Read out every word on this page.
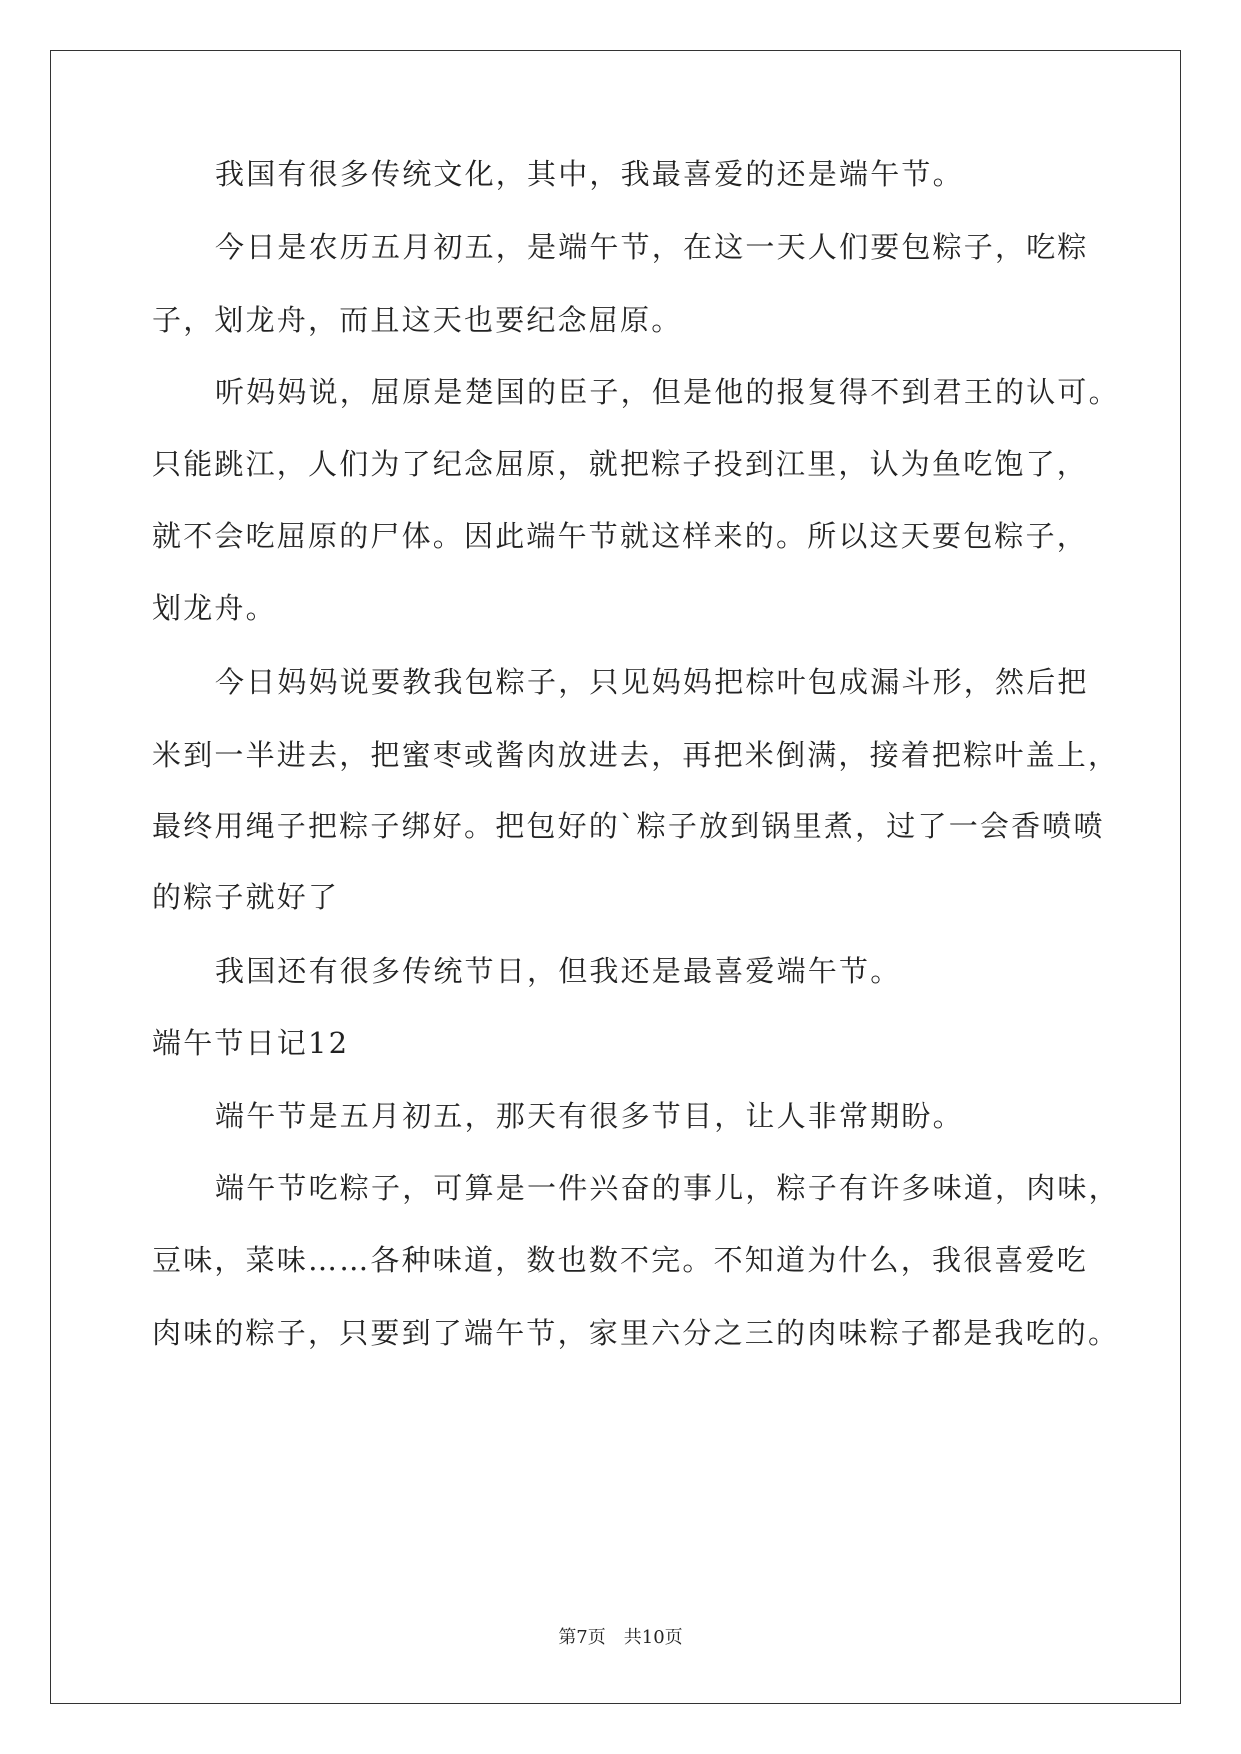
我国有很多传统文化，其中，我最喜爱的还是端午节。
今日是农历五月初五，是端午节，在这一天人们要包粽子，吃粽
子，划龙舟，而且这天也要纪念屈原。
听妈妈说，屈原是楚国的臣子，但是他的报复得不到君王的认可。
只能跳江，人们为了纪念屈原，就把粽子投到江里，认为鱼吃饱了，
就不会吃屈原的尸体。因此端午节就这样来的。所以这天要包粽子，
划龙舟。
今日妈妈说要教我包粽子，只见妈妈把棕叶包成漏斗形，然后把
米到一半进去，把蜜枣或酱肉放进去，再把米倒满，接着把粽叶盖上，
最终用绳子把粽子绑好。把包好的`粽子放到锅里煮，过了一会香喷喷
的粽子就好了
我国还有很多传统节日，但我还是最喜爱端午节。
端午节日记12
端午节是五月初五，那天有很多节目，让人非常期盼。
端午节吃粽子，可算是一件兴奋的事儿，粽子有许多味道，肉味，
豆味，菜味……各种味道，数也数不完。不知道为什么，我很喜爱吃
肉味的粽子，只要到了端午节，家里六分之三的肉味粽子都是我吃的。
第7页 共10页
